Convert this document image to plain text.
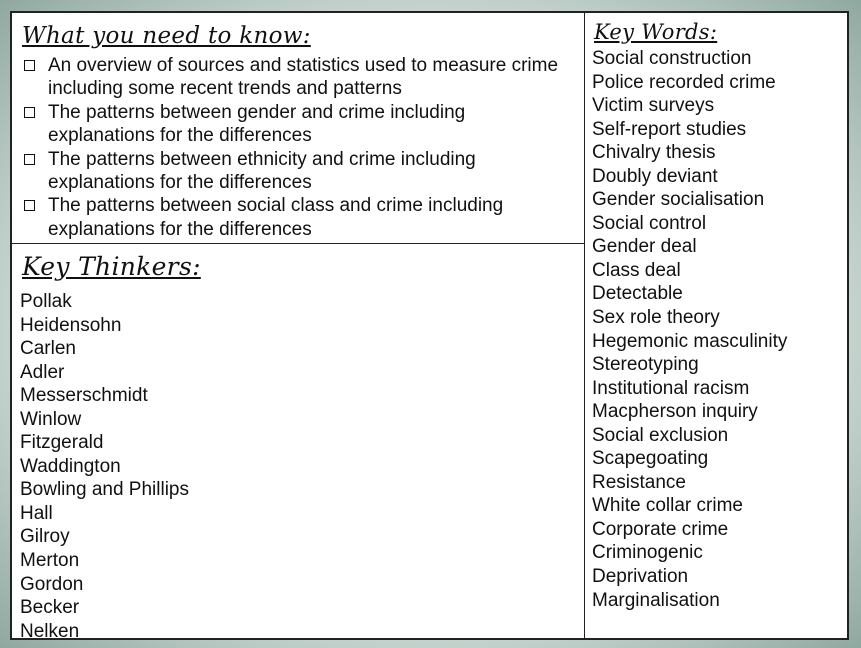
What you need to know:
An overview of sources and statistics used to measure crime including some recent trends and patterns
The patterns between gender and crime including explanations for the differences
The patterns between ethnicity and crime including explanations for the differences
The patterns between social class and crime including explanations for the differences
Key Thinkers:
Pollak
Heidensohn
Carlen
Adler
Messerschmidt
Winlow
Fitzgerald
Waddington
Bowling and Phillips
Hall
Gilroy
Merton
Gordon
Becker
Nelken
Key Words:
Social construction
Police recorded crime
Victim surveys
Self-report studies
Chivalry thesis
Doubly deviant
Gender socialisation
Social control
Gender deal
Class deal
Detectable
Sex role theory
Hegemonic masculinity
Stereotyping
Institutional racism
Macpherson inquiry
Social exclusion
Scapegoating
Resistance
White collar crime
Corporate crime
Criminogenic
Deprivation
Marginalisation
